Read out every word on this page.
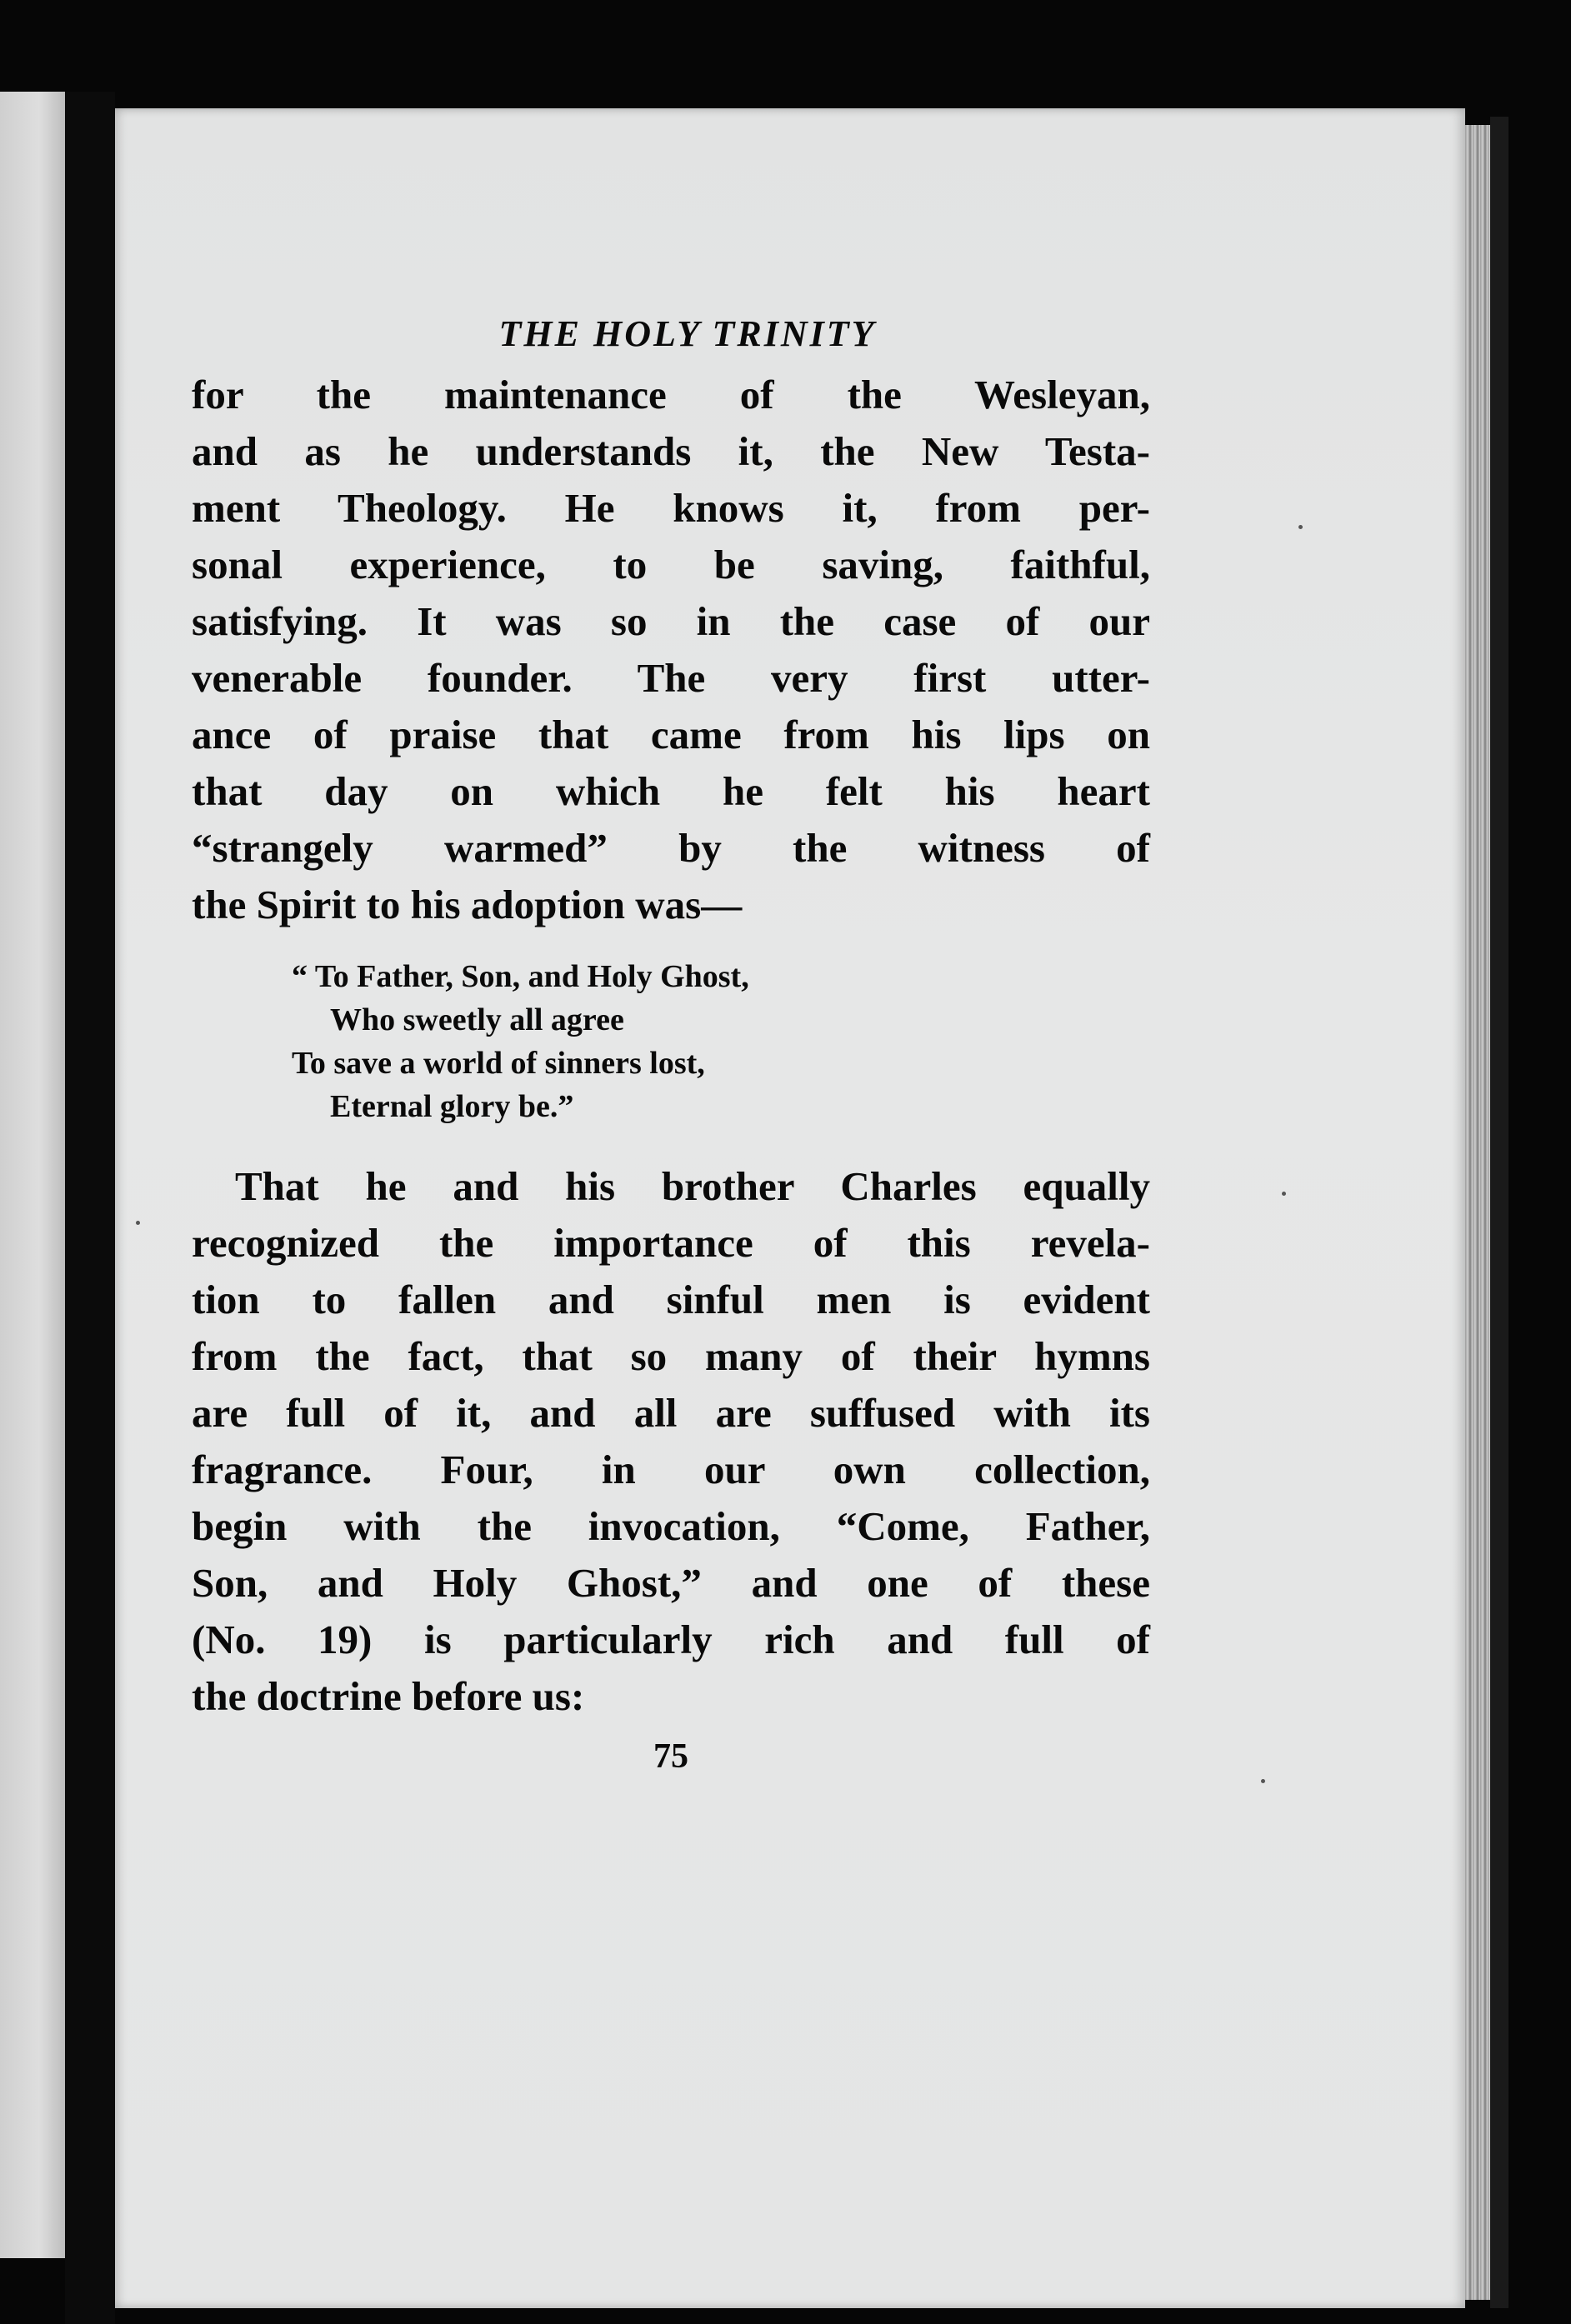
THE HOLY TRINITY

for the maintenance of the Wesleyan,
and as he understands it, the New Testa-
ment Theology. He knows it, from per-
sonal experience, to be saving, faithful,
satisfying. It was so in the case of our
venerable founder. The very first utter-
ance of praise that came from his lips on
that day on which he felt his heart
“strangely warmed” by the witness of
the Spirit to his adoption was—

“ To Father, Son, and Holy Ghost,
Who sweetly all agree
To save a world of sinners lost,
Eternal glory be.”

That he and his brother Charles equally
recognized the importance of this revela-
tion to fallen and sinful men is evident
from the fact, that so many of their hymns
are full of it, and all are suffused with its
fragrance. Four, in our own collection,
begin with the invocation, “Come, Father,
Son, and Holy Ghost,” and one of these
(No. 19) is particularly rich and full of
the doctrine before us:

75
